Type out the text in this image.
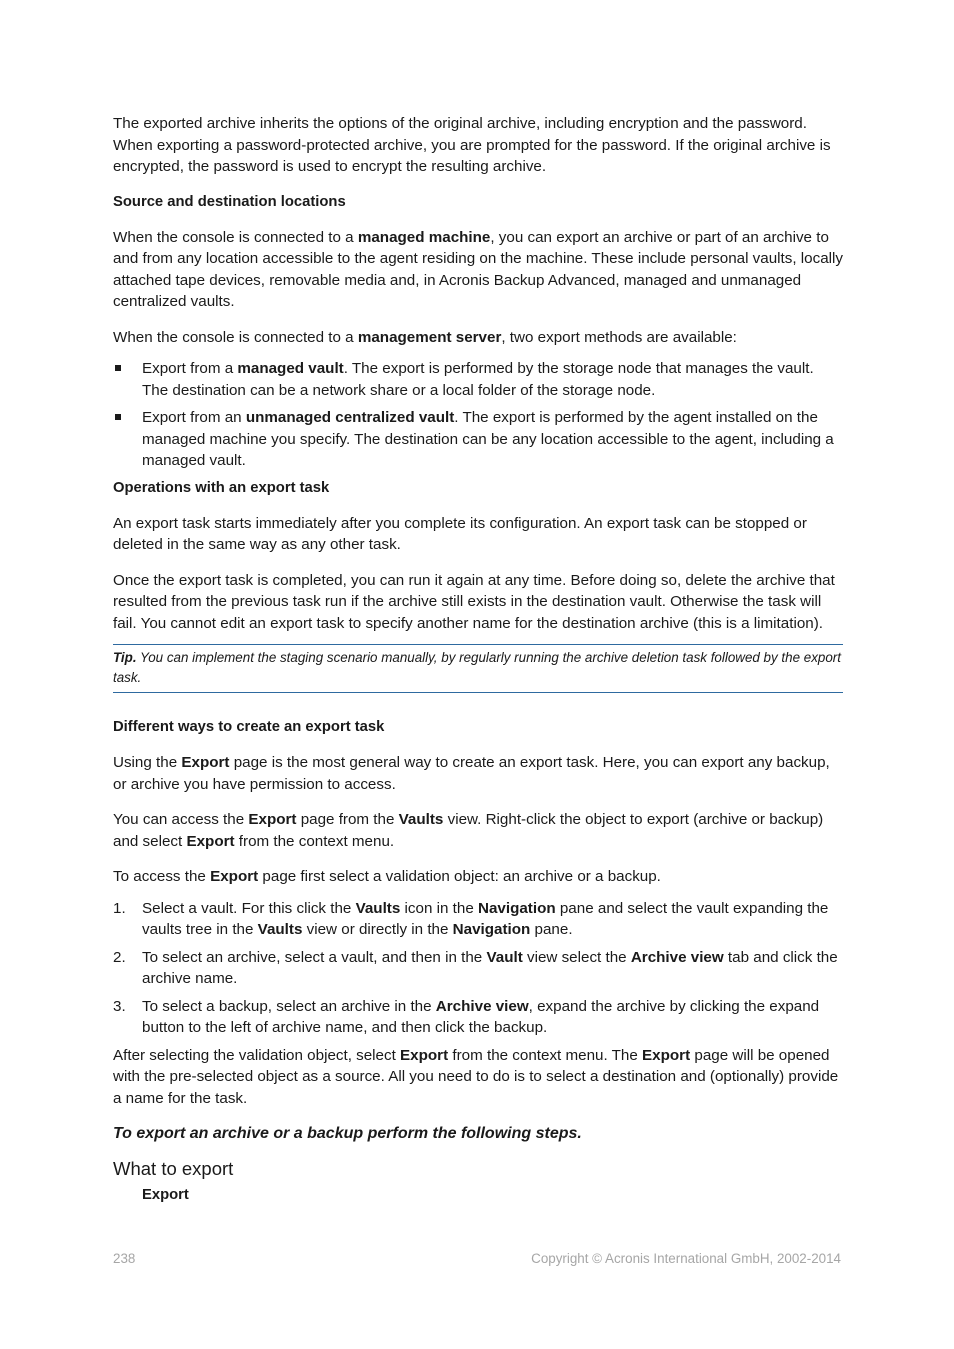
The exported archive inherits the options of the original archive, including encryption and the password. When exporting a password-protected archive, you are prompted for the password. If the original archive is encrypted, the password is used to encrypt the resulting archive.

Source and destination locations

When the console is connected to a managed machine, you can export an archive or part of an archive to and from any location accessible to the agent residing on the machine. These include personal vaults, locally attached tape devices, removable media and, in Acronis Backup Advanced, managed and unmanaged centralized vaults.

When the console is connected to a management server, two export methods are available:

Export from a managed vault. The export is performed by the storage node that manages the vault. The destination can be a network share or a local folder of the storage node.
Export from an unmanaged centralized vault. The export is performed by the agent installed on the managed machine you specify. The destination can be any location accessible to the agent, including a managed vault.

Operations with an export task

An export task starts immediately after you complete its configuration. An export task can be stopped or deleted in the same way as any other task.

Once the export task is completed, you can run it again at any time. Before doing so, delete the archive that resulted from the previous task run if the archive still exists in the destination vault. Otherwise the task will fail. You cannot edit an export task to specify another name for the destination archive (this is a limitation).

Tip. You can implement the staging scenario manually, by regularly running the archive deletion task followed by the export task.

Different ways to create an export task

Using the Export page is the most general way to create an export task. Here, you can export any backup, or archive you have permission to access.

You can access the Export page from the Vaults view. Right-click the object to export (archive or backup) and select Export from the context menu.

To access the Export page first select a validation object: an archive or a backup.

1. Select a vault. For this click the Vaults icon in the Navigation pane and select the vault expanding the vaults tree in the Vaults view or directly in the Navigation pane.
2. To select an archive, select a vault, and then in the Vault view select the Archive view tab and click the archive name.
3. To select a backup, select an archive in the Archive view, expand the archive by clicking the expand button to the left of archive name, and then click the backup.

After selecting the validation object, select Export from the context menu. The Export page will be opened with the pre-selected object as a source. All you need to do is to select a destination and (optionally) provide a name for the task.

To export an archive or a backup perform the following steps.

What to export

Export

238	Copyright © Acronis International GmbH, 2002-2014
